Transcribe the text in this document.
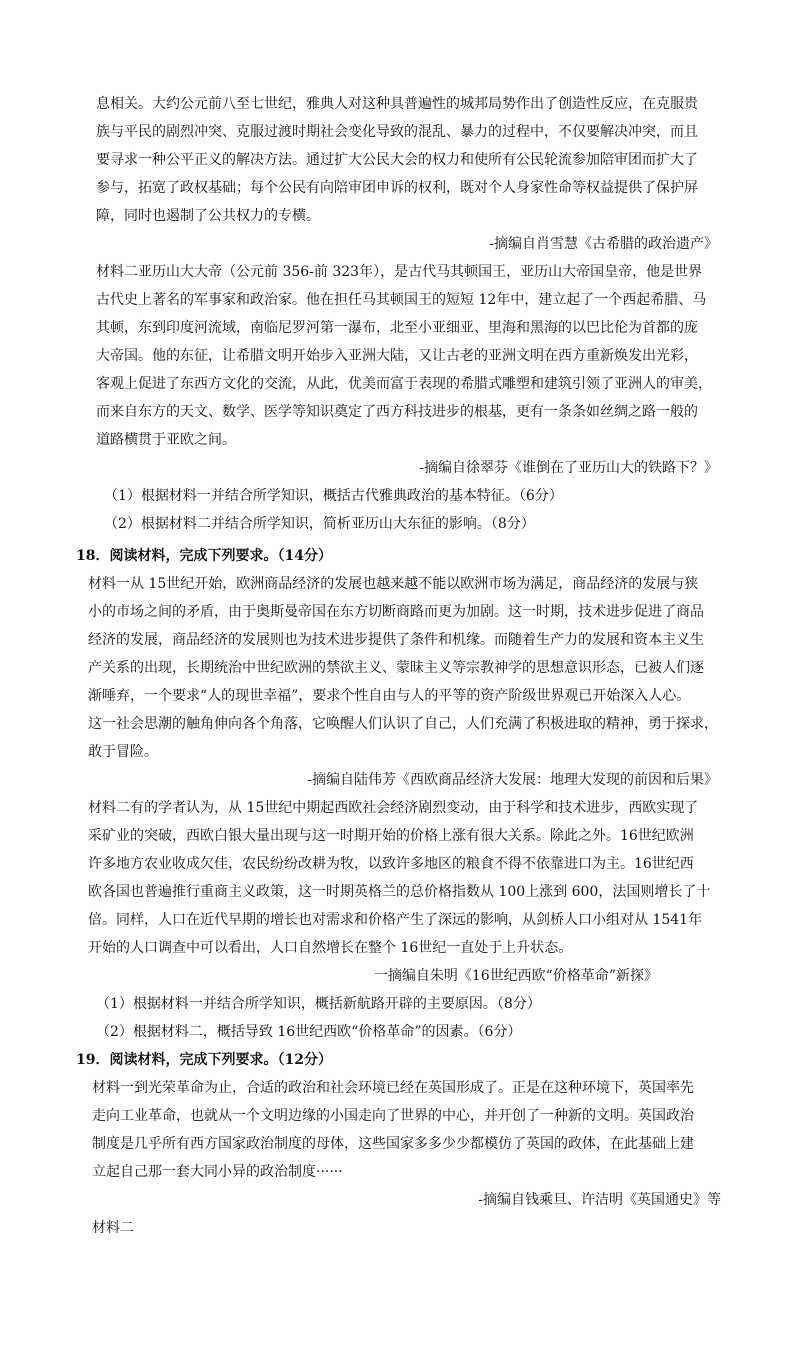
息相关。大约公元前八至七世纪，雅典人对这种具普遍性的城邦局势作出了创造性反应，在克服贵
族与平民的剧烈冲突、克服过渡时期社会变化导致的混乱、暴力的过程中，不仅要解决冲突，而且
要寻求一种公平正义的解决方法。通过扩大公民大会的权力和使所有公民轮流参加陪审团而扩大了
参与，拓宽了政权基础；每个公民有向陪审团申诉的权利，既对个人身家性命等权益提供了保护屏
障，同时也遏制了公共权力的专横。
-摘编自肖雪慧《古希腊的政治遗产》
材料二亚历山大大帝（公元前 356-前 323年），是古代马其顿国王，亚历山大帝国皇帝，他是世界
古代史上著名的军事家和政治家。他在担任马其顿国王的短短 12年中，建立起了一个西起希腊、马
其顿，东到印度河流域，南临尼罗河第一瀑布，北至小亚细亚、里海和黑海的以巴比伦为首都的庞
大帝国。他的东征，让希腊文明开始步入亚洲大陆，又让古老的亚洲文明在西方重新焕发出光彩，
客观上促进了东西方文化的交流，从此，优美而富于表现的希腊式雕塑和建筑引领了亚洲人的审美，
而来自东方的天文、数学、医学等知识奠定了西方科技进步的根基，更有一条条如丝绸之路一般的
道路横贯于亚欧之间。
-摘编自徐翠芬《谁倒在了亚历山大的铁路下？》
（1）根据材料一并结合所学知识，概括古代雅典政治的基本特征。（6分）
（2）根据材料二并结合所学知识，简析亚历山大东征的影响。（8分）
18．阅读材料，完成下列要求。（14分）
材料一从 15世纪开始，欧洲商品经济的发展也越来越不能以欧洲市场为满足，商品经济的发展与狭
小的市场之间的矛盾，由于奥斯曼帝国在东方切断商路而更为加剧。这一时期，技术进步促进了商品
经济的发展，商品经济的发展则也为技术进步提供了条件和机缘。而随着生产力的发展和资本主义生
产关系的出现，长期统治中世纪欧洲的禁欲主义、蒙昧主义等宗教神学的思想意识形态，已被人们逐
渐唾弃，一个要求“人的现世幸福”，要求个性自由与人的平等的资产阶级世界观已开始深入人心。
这一社会思潮的触角伸向各个角落，它唤醒人们认识了自己，人们充满了积极进取的精神，勇于探求，
敢于冒险。
-摘编自陆伟芳《西欧商品经济大发展：地理大发现的前因和后果》
材料二有的学者认为，从 15世纪中期起西欧社会经济剧烈变动，由于科学和技术进步，西欧实现了
采矿业的突破，西欧白银大量出现与这一时期开始的价格上涨有很大关系。除此之外。16世纪欧洲
许多地方农业收成欠佳，农民纷纷改耕为牧，以致许多地区的粮食不得不依靠进口为主。16世纪西
欧各国也普遍推行重商主义政策，这一时期英格兰的总价格指数从 100上涨到 600，法国则增长了十
倍。同样，人口在近代早期的增长也对需求和价格产生了深远的影响，从剑桥人口小组对从 1541年
开始的人口调查中可以看出，人口自然增长在整个 16世纪一直处于上升状态。
一摘编自朱明《16世纪西欧“价格革命”新探》
（1）根据材料一并结合所学知识，概括新航路开辟的主要原因。（8分）
（2）根据材料二，概括导致 16世纪西欧“价格革命”的因素。（6分）
19．阅读材料，完成下列要求。（12分）
材料一到光荣革命为止，合适的政治和社会环境已经在英国形成了。正是在这种环境下，英国率先
走向工业革命，也就从一个文明边缘的小国走向了世界的中心，并开创了一种新的文明。英国政治
制度是几乎所有西方国家政治制度的母体，这些国家多多少少都模仿了英国的政体，在此基础上建
立起自己那一套大同小异的政治制度······
-摘编自钱乘旦、许洁明《英国通史》等
材料二
